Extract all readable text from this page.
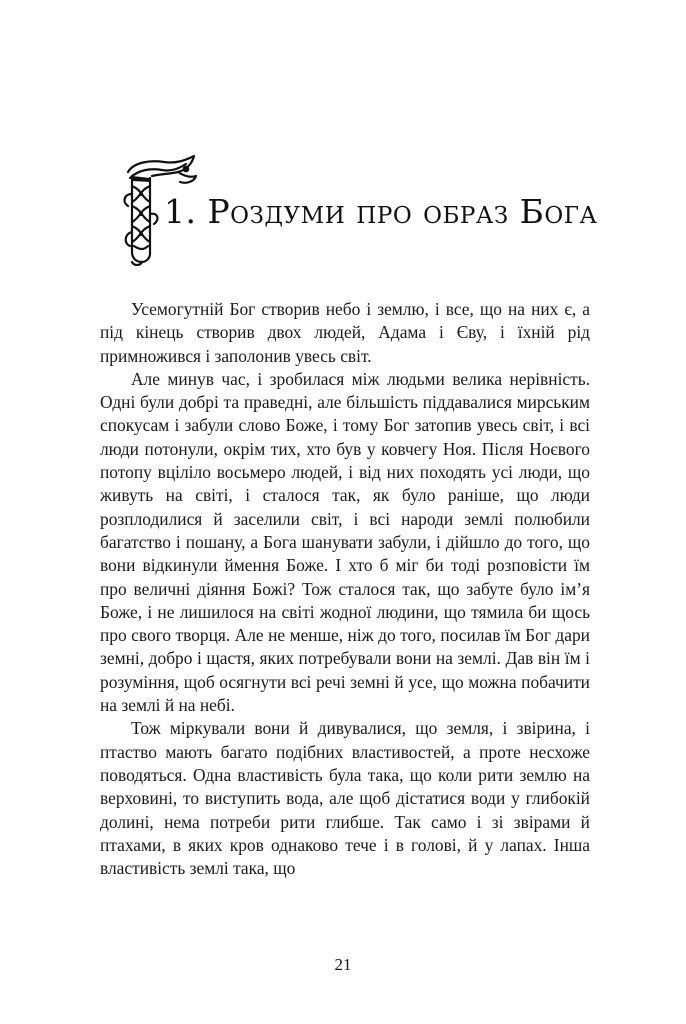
1. Роздуми про образ Бога

Усемогутній Бог створив небо і землю, і все, що на них є, а під кінець створив двох людей, Адама і Єву, і їхній рід примножився і заполонив увесь світ.

Але минув час, і зробилася між людьми велика нерівність. Одні були добрі та праведні, але більшість піддавалися мирським спокусам і забули слово Боже, і тому Бог затопив увесь світ, і всі люди потонули, окрім тих, хто був у ковчегу Ноя. Після Ноєвого потопу вціліло восьмеро людей, і від них походять усі люди, що живуть на світі, і сталося так, як було раніше, що люди розплодилися й заселили світ, і всі народи землі полюбили багатство і пошану, а Бога шанувати забули, і дійшло до того, що вони відкинули ймення Боже. І хто б міг би тоді розповісти їм про величні діяння Божі? Тож сталося так, що забуте було ім’я Боже, і не лишилося на світі жодної людини, що тямила би щось про свого творця. Але не менше, ніж до того, посилав їм Бог дари земні, добро і щастя, яких потребували вони на землі. Дав він їм і розуміння, щоб осягнути всі речі земні й усе, що можна побачити на землі й на небі.

Тож міркували вони й дивувалися, що земля, і звірина, і птаство мають багато подібних властивостей, а проте несхоже поводяться. Одна властивість була така, що коли рити землю на верховині, то виступить вода, але щоб дістатися води у глибокій долині, нема потреби рити глибше. Так само і зі звірами й птахами, в яких кров однаково тече і в голові, й у лапах. Інша властивість землі така, що

21
